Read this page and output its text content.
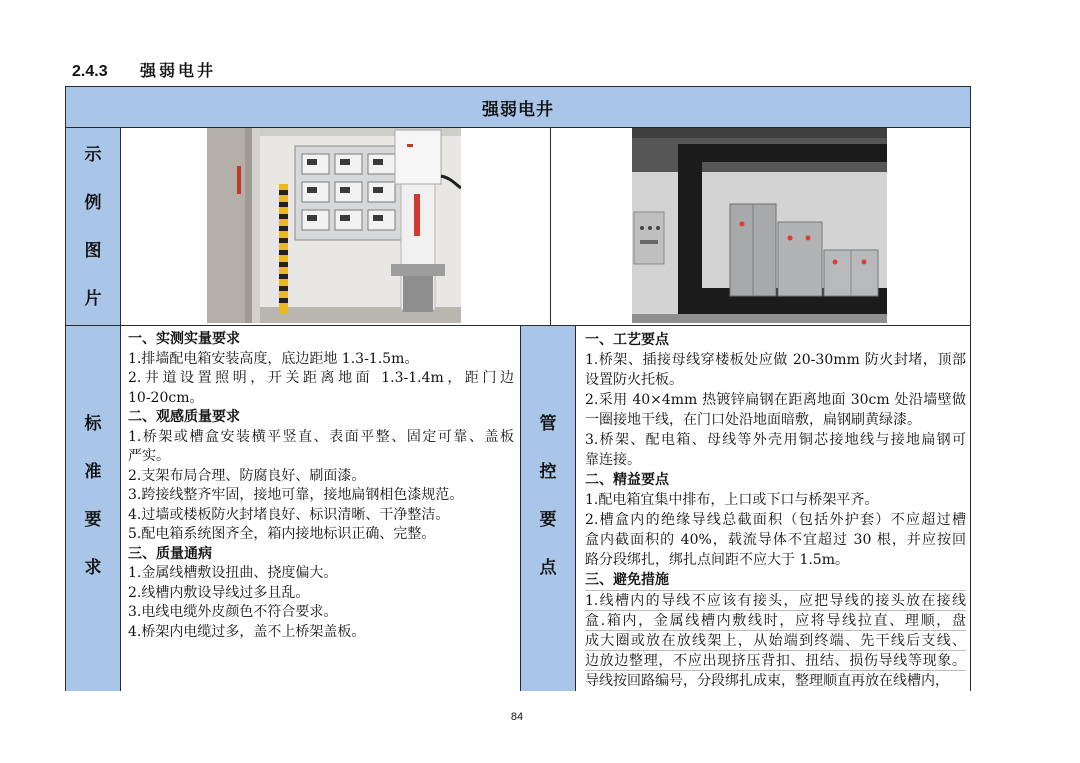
2.4.3 强弱电井
强弱电井
示
例
图
片
标
准
要
求
一、实测实量要求
1.排墙配电箱安装高度，底边距地 1.3-1.5m。
2.井道设置照明，开关距离地面 1.3-1.4m，距门边
10-20cm。
二、观感质量要求
1.桥架或槽盒安装横平竖直、表面平整、固定可靠、盖板
严实。
2.支架布局合理、防腐良好、刷面漆。
3.跨接线整齐牢固，接地可靠，接地扁钢相色漆规范。
4.过墙或楼板防火封堵良好、标识清晰、干净整洁。
5.配电箱系统图齐全，箱内接地标识正确、完整。
三、质量通病
1.金属线槽敷设扭曲、挠度偏大。
2.线槽内敷设导线过多且乱。
3.电线电缆外皮颜色不符合要求。
4.桥架内电缆过多，盖不上桥架盖板。
管
控
要
点
一、工艺要点
1.桥架、插接母线穿楼板处应做 20-30mm 防火封堵，顶部
设置防火托板。
2.采用 40×4mm 热镀锌扁钢在距离地面 30cm 处沿墙壁做
一圈接地干线，在门口处沿地面暗敷，扁钢刷黄绿漆。
3.桥架、配电箱、母线等外壳用铜芯接地线与接地扁钢可
靠连接。
二、精益要点
1.配电箱宜集中排布，上口或下口与桥架平齐。
2.槽盒内的绝缘导线总截面积（包括外护套）不应超过槽
盒内截面积的 40%，载流导体不宜超过 30 根，并应按回
路分段绑扎，绑扎点间距不应大于 1.5m。
三、避免措施
1.线槽内的导线不应该有接头，应把导线的接头放在接线
盒.箱内，金属线槽内敷线时，应将导线拉直、理顺，盘
成大圈或放在放线架上，从始端到终端、先干线后支线、
边放边整理，不应出现挤压背扣、扭结、损伤导线等现象。
导线按回路编号，分段绑扎成束，整理顺直再放在线槽内，
84
